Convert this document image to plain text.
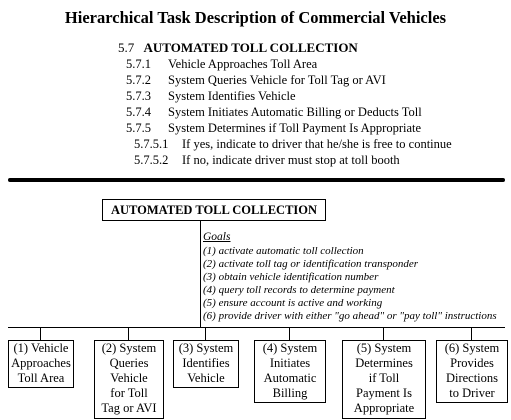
Hierarchical Task Description of Commercial Vehicles
5.7 AUTOMATED TOLL COLLECTION
5.7.1 Vehicle Approaches Toll Area
5.7.2 System Queries Vehicle for Toll Tag or AVI
5.7.3 System Identifies Vehicle
5.7.4 System Initiates Automatic Billing or Deducts Toll
5.7.5 System Determines if Toll Payment Is Appropriate
5.7.5.1 If yes, indicate to driver that he/she is free to continue
5.7.5.2 If no, indicate driver must stop at toll booth
AUTOMATED TOLL COLLECTION
Goals
(1) activate automatic toll collection
(2) activate toll tag or identification transponder
(3) obtain vehicle identification number
(4) query toll records to determine payment
(5) ensure account is active and working
(6) provide driver with either "go ahead" or "pay toll" instructions
(1) Vehicle
Approaches
Toll Area
(2) System
Queries
Vehicle
for Toll
Tag or AVI
(3) System
Identifies
Vehicle
(4) System
Initiates
Automatic
Billing
(5) System
Determines
if Toll
Payment Is
Appropriate
(6) System
Provides
Directions
to Driver
